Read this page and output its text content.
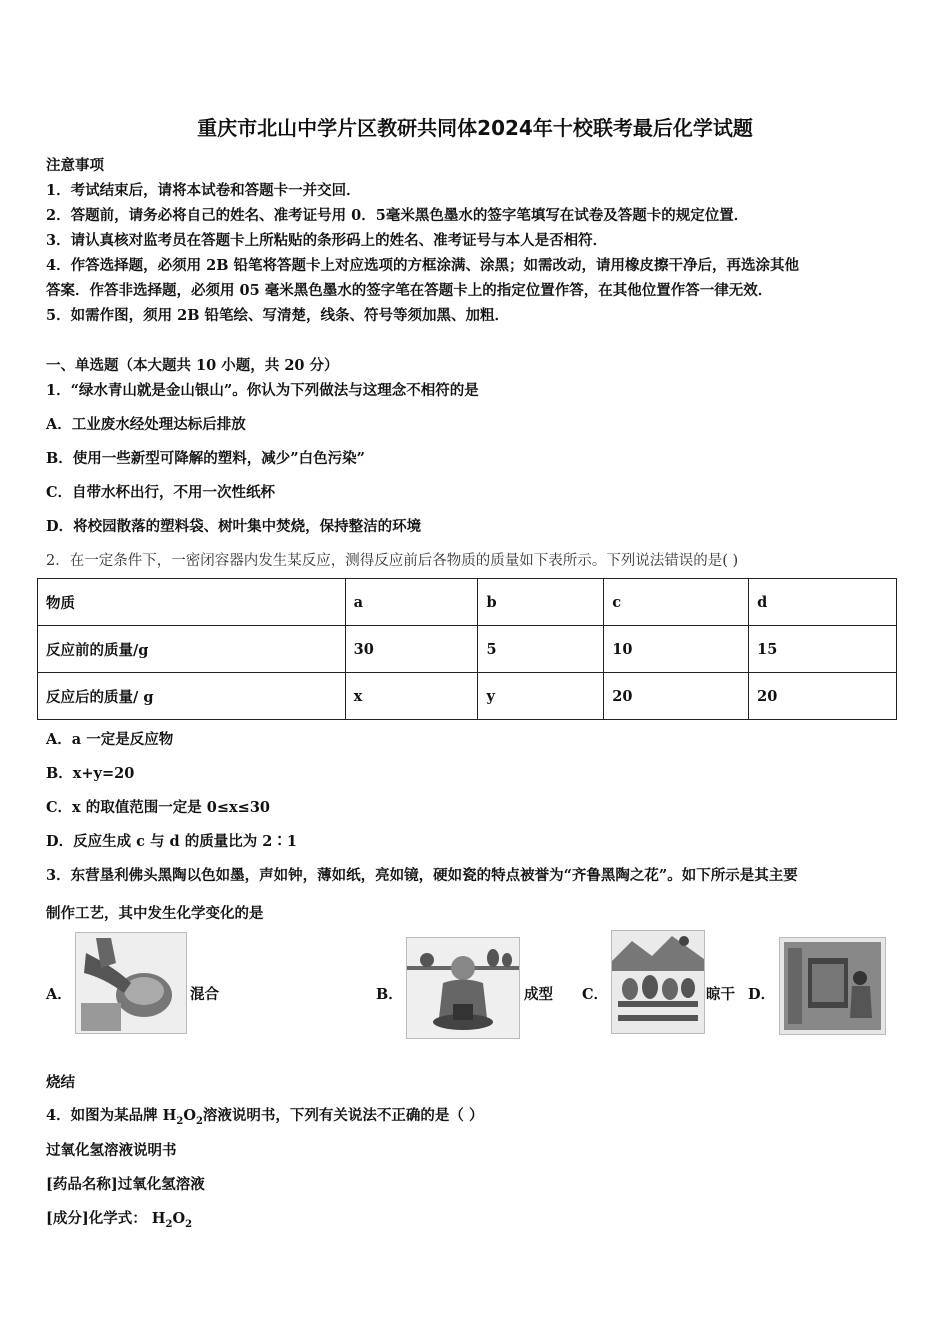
重庆市北山中学片区教研共同体2024年十校联考最后化学试题
注意事项
1．考试结束后，请将本试卷和答题卡一并交回．
2．答题前，请务必将自己的姓名、准考证号用 0．5毫米黑色墨水的签字笔填写在试卷及答题卡的规定位置．
3．请认真核对监考员在答题卡上所粘贴的条形码上的姓名、准考证号与本人是否相符．
4．作答选择题，必须用 2B 铅笔将答题卡上对应选项的方框涂满、涂黑；如需改动，请用橡皮擦干净后，再选涂其他
答案．作答非选择题，必须用 05 毫米黑色墨水的签字笔在答题卡上的指定位置作答，在其他位置作答一律无效．
5．如需作图，须用 2B 铅笔绘、写清楚，线条、符号等须加黑、加粗．
一、单选题（本大题共 10 小题，共 20 分）
1．“绿水青山就是金山银山”。你认为下列做法与这理念不相符的是
A．工业废水经处理达标后排放
B．使用一些新型可降解的塑料，减少”白色污染”
C．自带水杯出行，不用一次性纸杯
D．将校园散落的塑料袋、树叶集中焚烧，保持整洁的环境
2．在一定条件下，一密闭容器内发生某反应，测得反应前后各物质的质量如下表所示。下列说法错误的是( )
物质	a	b	c	d
反应前的质量/g	30	5	10	15
反应后的质量/ g	x	y	20	20
A．a 一定是反应物
B．x+y=20
C．x 的取值范围一定是 0≤x≤30
D．反应生成 c 与 d 的质量比为 2∶1
3．东营垦利佛头黑陶以色如墨，声如钟，薄如纸，亮如镜，硬如瓷的特点被誉为“齐鲁黑陶之花”。如下所示是其主要
制作工艺，其中发生化学变化的是
A．	混合	B．	成型 C．	晾干 D．
烧结
4．如图为某品牌 $H_2O_2$溶液说明书，下列有关说法不正确的是（ ）
过氧化氢溶液说明书
[药品名称]过氧化氢溶液
[成分]化学式： $H_2O_2$
